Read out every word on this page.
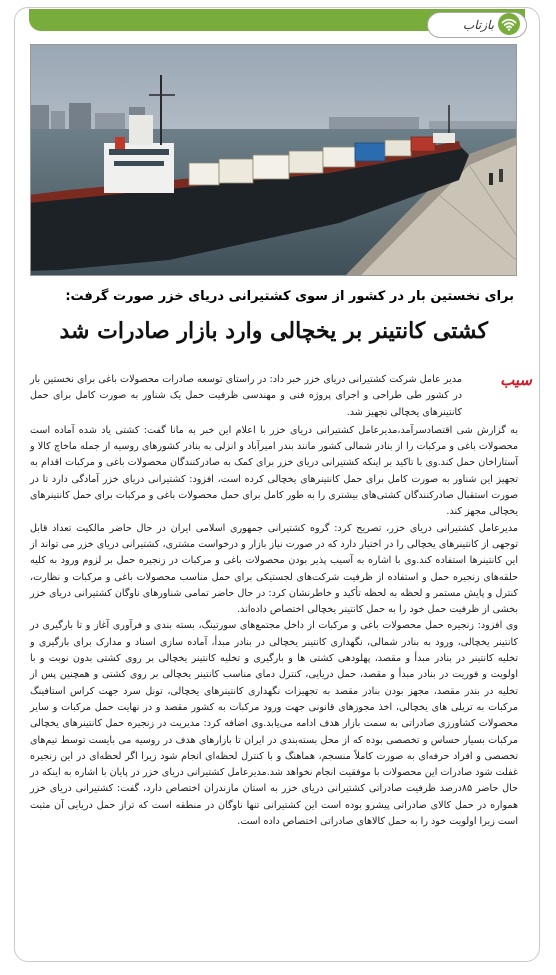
بازتاب
برای نخستین بار در کشور از سوی کشتیرانی دریای خزر صورت گرفت:
کشتی کانتینر بر یخچالی وارد بازار صادرات شد
سیب

مدیر عامل شرکت کشتیرانی دریای خزر خبر داد: در راستای توسعه صادرات محصولات باغی برای نخستین بار در کشور طی طراحی و اجرای پروژه فنی و مهندسی ظرفیت حمل یک شناور به صورت کامل برای حمل کانتینرهای یخچالی تجهیز شد.

به گزارش شی اقتصادسرآمد،مدیرعامل کشتیرانی دریای خزر با اعلام این خبر به مانا گفت: کشتی یاد شده آماده است محصولات باغی و مرکبات را از بنادر شمالی کشور مانند بندر امیرآباد و انزلی به بنادر کشورهای روسیه از جمله ماخاچ کالا و آستاراخان حمل کند.وی با تاکید بر اینکه کشتیرانی دریای خزر برای کمک به صادرکنندگان محصولات باغی و مرکبات اقدام به تجهیز این شناور به صورت کامل برای حمل کانتینرهای یخچالی کرده است، افزود: کشتیرانی دریای خزر آمادگی دارد تا در صورت استقبال صادرکنندگان کشتی‌های بیشتری را به طور کامل برای حمل محصولات باغی و مرکبات برای حمل کانتینرهای یخچالی مجهز کند.

مدیرعامل کشتیرانی دریای خزر، تصریح کرد: گروه کشتیرانی جمهوری اسلامی ایران در حال حاضر مالکیت تعداد قابل توجهی از کانتینرهای یخچالی را در اختیار دارد که در صورت نیاز بازار و درخواست مشتری، کشتیرانی دریای خزر می تواند از این کانتینرها استفاده کند.وی با اشاره به آسیب پذیر بودن محصولات باغی و مرکبات در زنجیره حمل بر لزوم ورود به کلیه حلقه‌های زنجیره حمل و استفاده از ظرفیت شرکت‌های لجستیکی برای حمل مناسب محصولات باغی و مرکبات و نظارت، کنترل و پایش مستمر و لحظه به لحظه تأکید و خاطرنشان کرد: در حال حاضر تمامی شناورهای ناوگان کشتیرانی دریای خزر بخشی از ظرفیت حمل خود را به حمل کانتینر یخچالی اختصاص داده‌اند.

وی افزود: زنجیره حمل محصولات باغی و مرکبات از داخل مجتمع‌های سورتینگ، بسته بندی و فرآوری آغاز و تا بارگیری در کانتینر یخچالی، ورود به بنادر شمالی، نگهداری کانتینر یخچالی در بنادر مبدأ، آماده سازی اسناد و مدارک برای بارگیری و تخلیه کانتینر در بنادر مبدأ و مقصد، پهلودهی کشتی ها و بارگیری و تخلیه کانتینر یخچالی بر روی کشتی بدون نوبت و با اولویت و فوریت در بنادر مبدأ و مقصد، حمل دریایی، کنترل دمای مناسب کانتینر یخچالی بر روی کشتی و همچنین پس از تخلیه در بندر مقصد، مجهز بودن بنادر مقصد به تجهیزات نگهداری کانتینرهای یخچالی، تونل سرد جهت کراس استافینگ مرکبات به تریلی های یخچالی، اخذ مجوزهای قانونی جهت ورود مرکبات به کشور مقصد و در نهایت حمل مرکبات و سایر محصولات کشاورزی صادراتی به سمت بازار هدف ادامه می‌یابد.وی اضافه کرد: مدیریت در زنجیره حمل کانتینرهای یخچالی مرکبات بسیار حساس و تخصصی بوده که از محل بسته‌بندی در ایران تا بازارهای هدف در روسیه می بایست توسط تیم‌های تخصصی و افراد حرفه‌ای به صورت کاملاً منسجم، هماهنگ و با کنترل لحظه‌ای انجام شود زیرا اگر لحظه‌ای در این زنجیره غفلت شود صادرات این محصولات با موفقیت انجام نخواهد شد.مدیرعامل کشتیرانی دریای خزر در پایان با اشاره به اینکه در حال حاضر ۸۵درصد ظرفیت صادراتی کشتیرانی دریای خزر به استان مازندران اختصاص دارد، گفت: کشتیرانی دریای خزر همواره در حمل کالای صادراتی پیشرو بوده است این کشتیرانی تنها ناوگان در منطقه است که تراز حمل دریایی آن مثبت است زیرا اولویت خود را به حمل کالاهای صادراتی اختصاص داده است.
